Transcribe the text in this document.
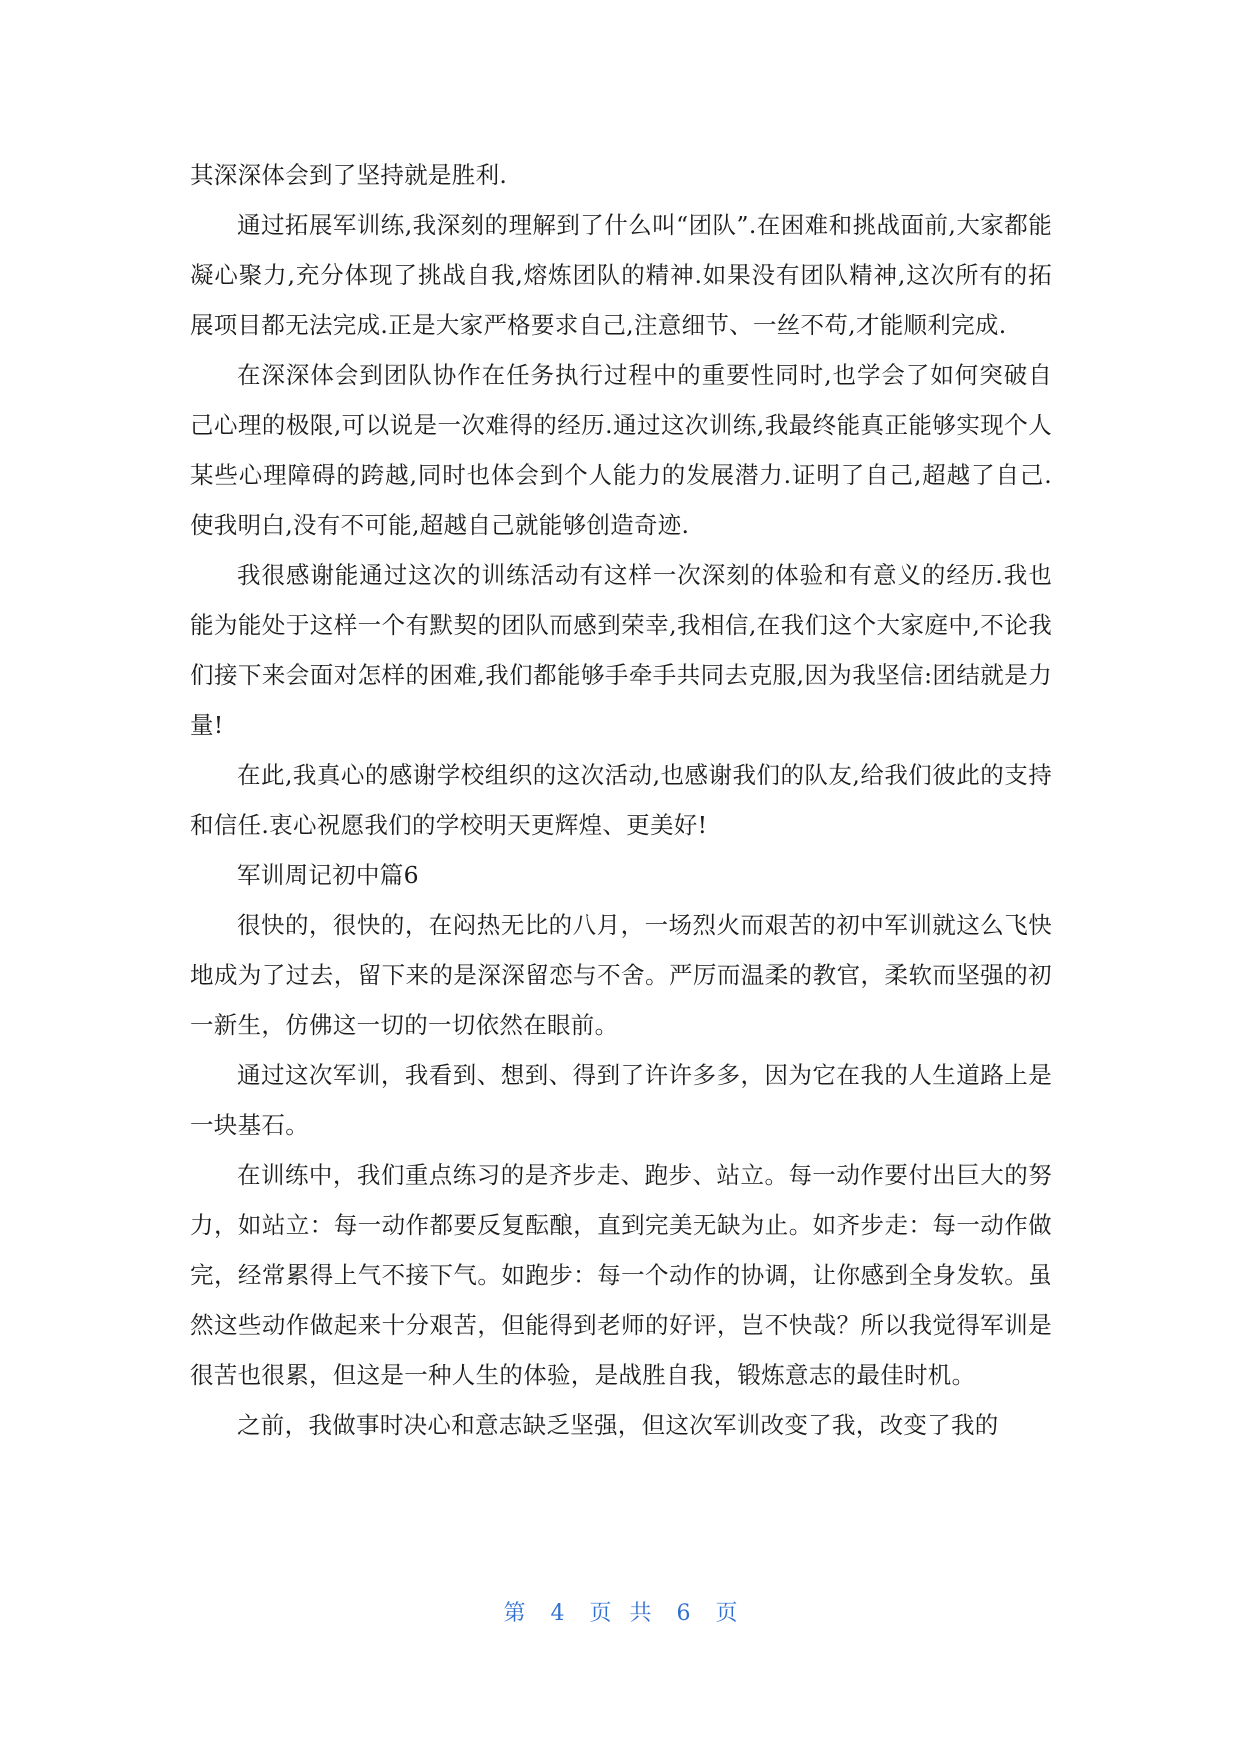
其深深体会到了坚持就是胜利.

通过拓展军训练,我深刻的理解到了什么叫“团队”.在困难和挑战面前,大家都能凝心聚力,充分体现了挑战自我,熔炼团队的精神.如果没有团队精神,这次所有的拓展项目都无法完成.正是大家严格要求自己,注意细节、一丝不苟,才能顺利完成.

在深深体会到团队协作在任务执行过程中的重要性同时,也学会了如何突破自己心理的极限,可以说是一次难得的经历.通过这次训练,我最终能真正能够实现个人某些心理障碍的跨越,同时也体会到个人能力的发展潜力.证明了自己,超越了自己.使我明白,没有不可能,超越自己就能够创造奇迹.

我很感谢能通过这次的训练活动有这样一次深刻的体验和有意义的经历.我也能为能处于这样一个有默契的团队而感到荣幸,我相信,在我们这个大家庭中,不论我们接下来会面对怎样的困难,我们都能够手牵手共同去克服,因为我坚信:团结就是力量!

在此,我真心的感谢学校组织的这次活动,也感谢我们的队友,给我们彼此的支持和信任.衷心祝愿我们的学校明天更辉煌、更美好!

军训周记初中篇6

很快的，很快的，在闷热无比的八月，一场烈火而艰苦的初中军训就这么飞快地成为了过去，留下来的是深深留恋与不舍。严厉而温柔的教官，柔软而坚强的初一新生，仿佛这一切的一切依然在眼前。

通过这次军训，我看到、想到、得到了许许多多，因为它在我的人生道路上是一块基石。

在训练中，我们重点练习的是齐步走、跑步、站立。每一动作要付出巨大的努力，如站立：每一动作都要反复酝酿，直到完美无缺为止。如齐步走：每一动作做完，经常累得上气不接下气。如跑步：每一个动作的协调，让你感到全身发软。虽然这些动作做起来十分艰苦，但能得到老师的好评，岂不快哉？所以我觉得军训是很苦也很累，但这是一种人生的体验，是战胜自我，锻炼意志的最佳时机。

之前，我做事时决心和意志缺乏坚强，但这次军训改变了我，改变了我的

第 4 页 共 6 页
